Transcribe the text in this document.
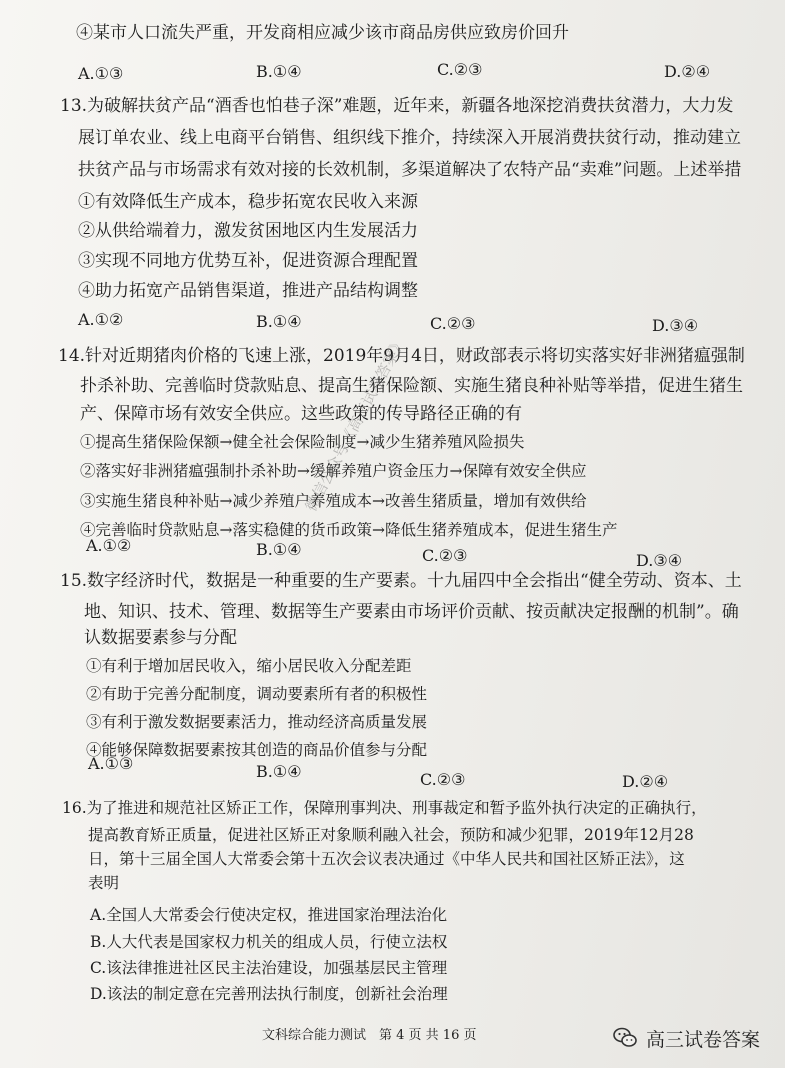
④某市人口流失严重，开发商相应减少该市商品房供应致房价回升
A.①③	B.①④	C.②③	D.②④
13.为破解扶贫产品“酒香也怕巷子深”难题，近年来，新疆各地深挖消费扶贫潜力，大力发
展订单农业、线上电商平台销售、组织线下推介，持续深入开展消费扶贫行动，推动建立
扶贫产品与市场需求有效对接的长效机制，多渠道解决了农特产品“卖难”问题。上述举措
①有效降低生产成本，稳步拓宽农民收入来源
②从供给端着力，激发贫困地区内生发展活力
③实现不同地方优势互补，促进资源合理配置
④助力拓宽产品销售渠道，推进产品结构调整
A.①②	B.①④	C.②③	D.③④
14.针对近期猪肉价格的飞速上涨，2019年9月4日，财政部表示将切实落实好非洲猪瘟强制
扑杀补助、完善临时贷款贴息、提高生猪保险额、实施生猪良种补贴等举措，促进生猪生
产、保障市场有效安全供应。这些政策的传导路径正确的有
①提高生猪保险保额→健全社会保险制度→减少生猪养殖风险损失
②落实好非洲猪瘟强制扑杀补助→缓解养殖户资金压力→保障有效安全供应
③实施生猪良种补贴→减少养殖户养殖成本→改善生猪质量，增加有效供给
④完善临时贷款贴息→落实稳健的货币政策→降低生猪养殖成本，促进生猪生产
A.①②	B.①④	C.②③	D.③④
15.数字经济时代，数据是一种重要的生产要素。十九届四中全会指出“健全劳动、资本、土
地、知识、技术、管理、数据等生产要素由市场评价贡献、按贡献决定报酬的机制”。确
认数据要素参与分配
①有利于增加居民收入，缩小居民收入分配差距
②有助于完善分配制度，调动要素所有者的积极性
③有利于激发数据要素活力，推动经济高质量发展
④能够保障数据要素按其创造的商品价值参与分配
A.①③	B.①④	C.②③	D.②④
16.为了推进和规范社区矫正工作，保障刑事判决、刑事裁定和暂予监外执行决定的正确执行，
提高教育矫正质量，促进社区矫正对象顺利融入社会，预防和减少犯罪，2019年12月28
日，第十三届全国人大常委会第十五次会议表决通过《中华人民共和国社区矫正法》，这
表明
A.全国人大常委会行使决定权，推进国家治理法治化
B.人大代表是国家权力机关的组成人员，行使立法权
C.该法律推进社区民主法治建设，加强基层民主管理
D.该法的制定意在完善刑法执行制度，创新社会治理
文科综合能力测试　第 4 页 共 16 页
微信公众号《高三试卷答案》
高三试卷答案
